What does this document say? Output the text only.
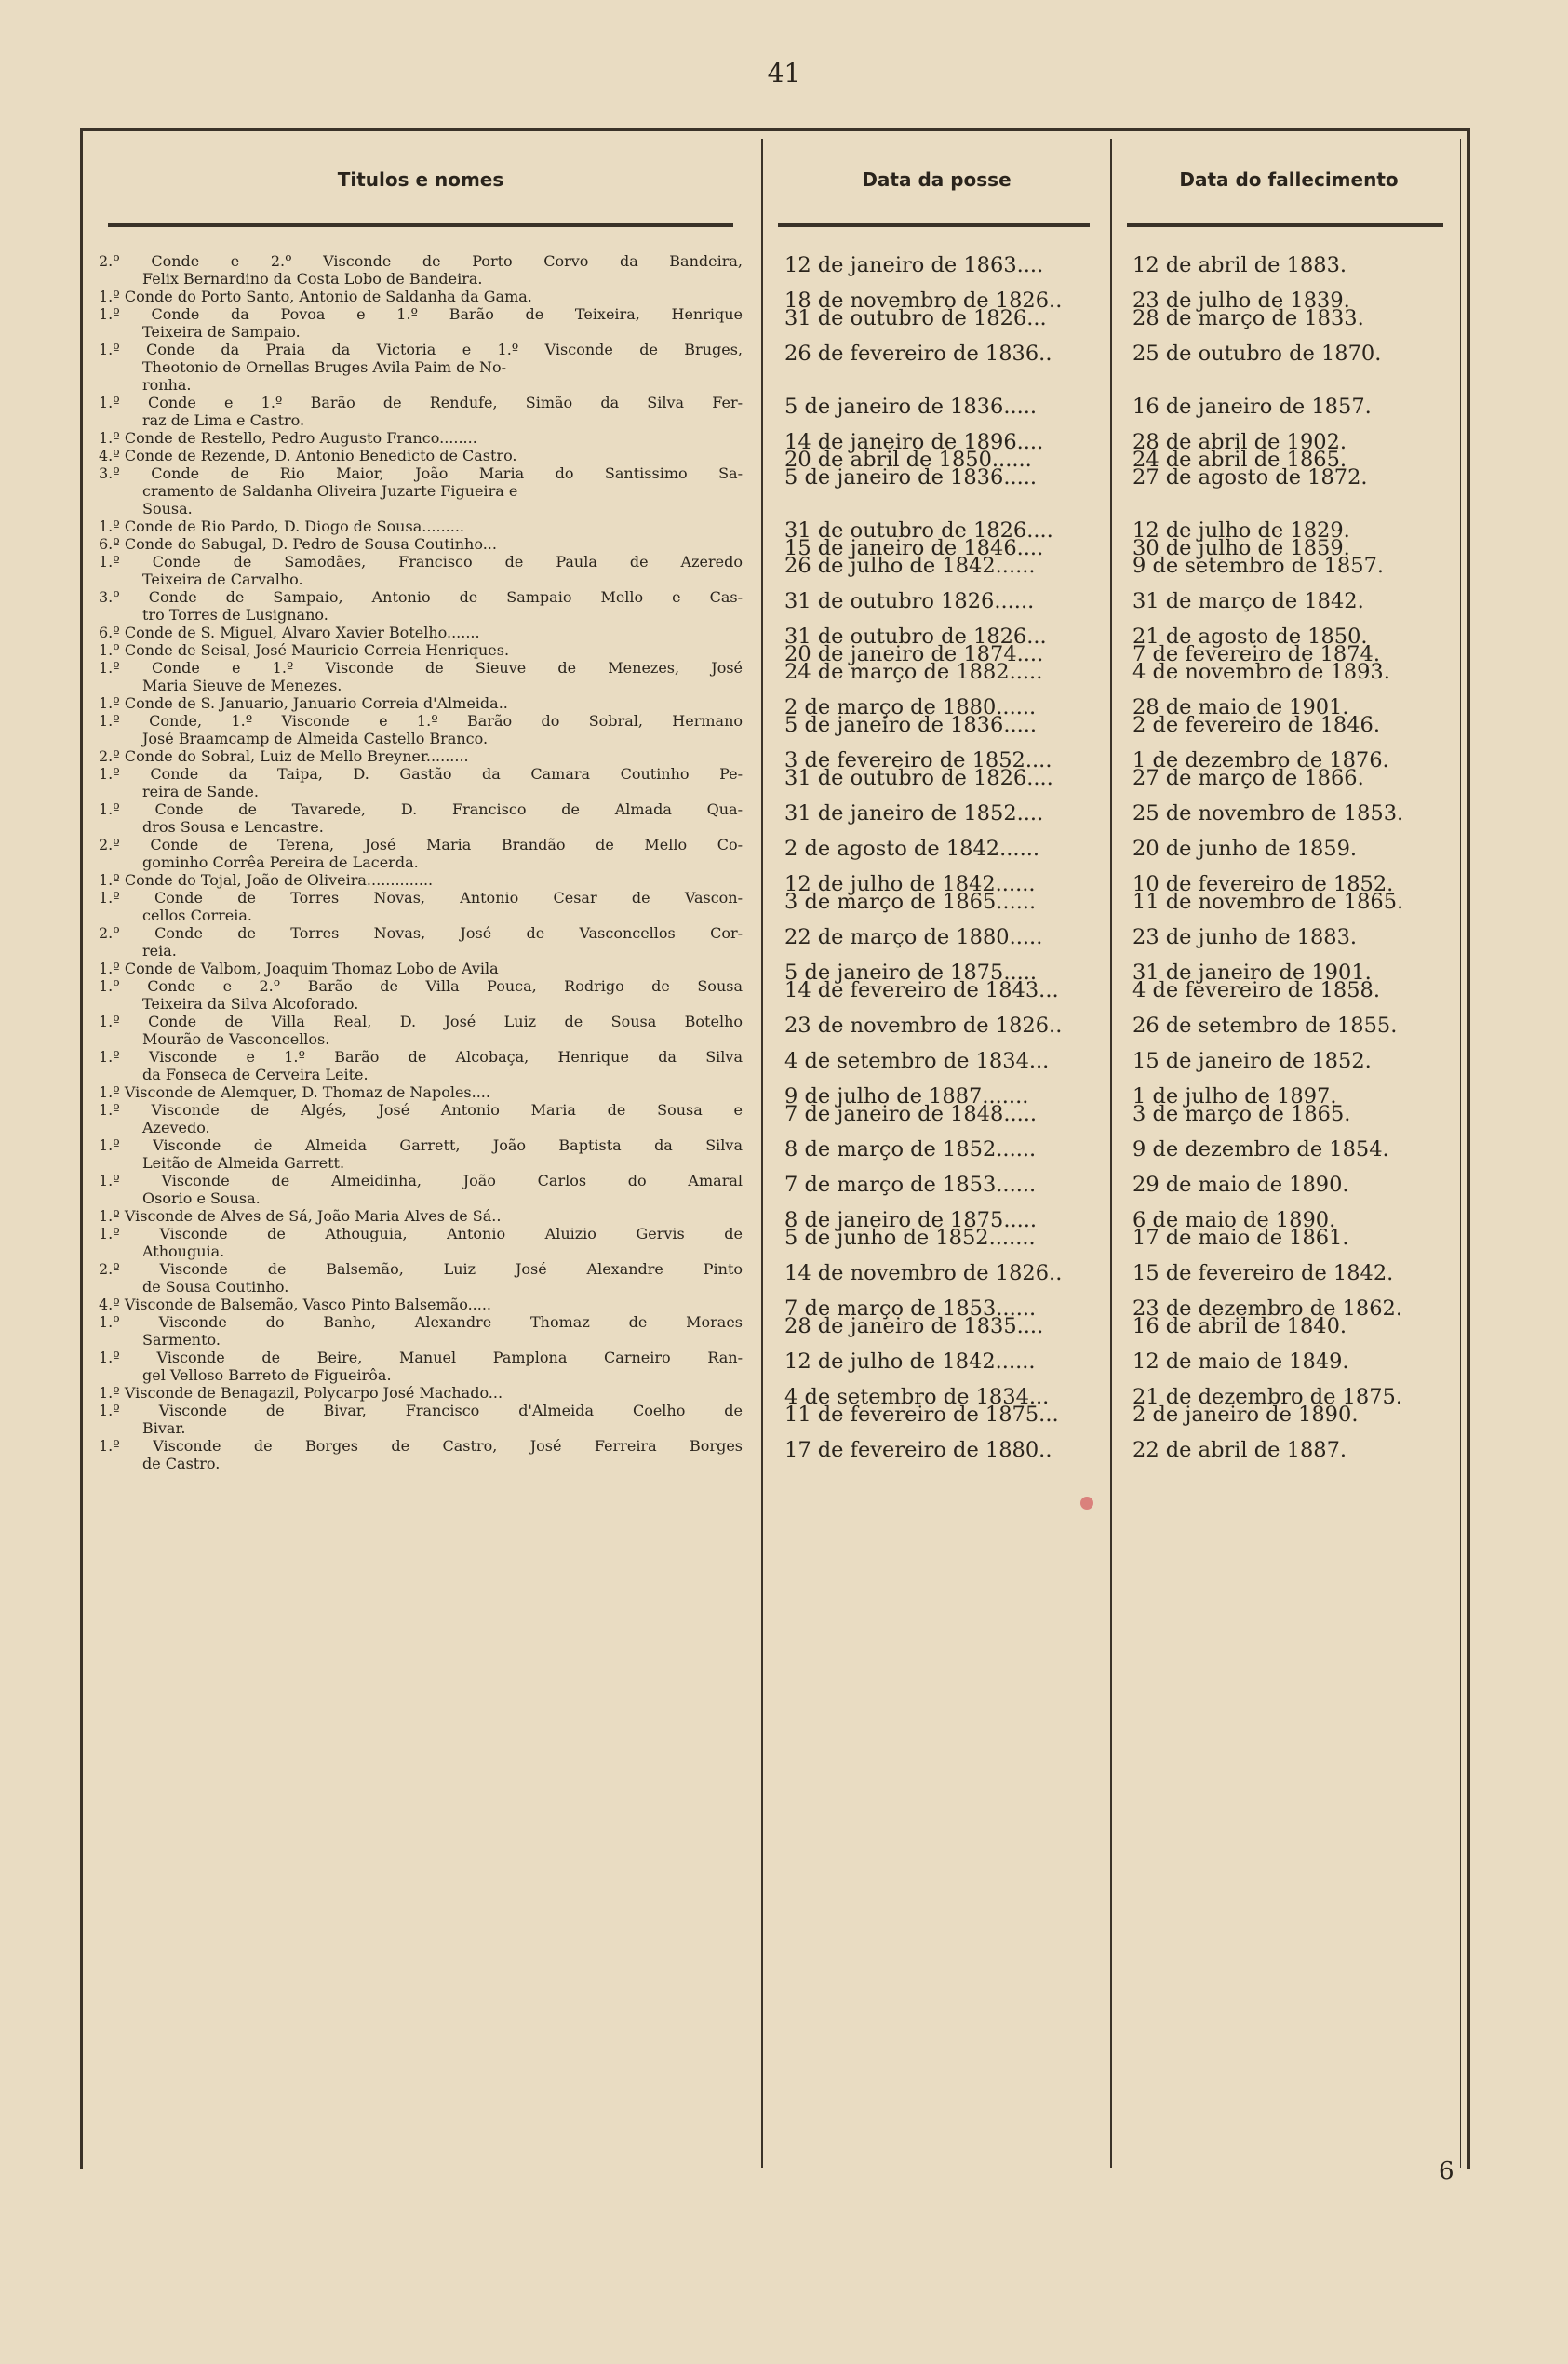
41
Titulos e nomes	Data da posse	Data do fallecimento
2.º Conde e 2.º Visconde de Porto Corvo da Bandeira,
Felix Bernardino da Costa Lobo de Bandeira.
12 de janeiro de 1863....	12 de abril de 1883.
1.º Conde do Porto Santo, Antonio de Saldanha da Gama.	18 de novembro de 1826..	23 de julho de 1839.
1.º Conde da Povoa e 1.º Barão de Teixeira, Henrique
Teixeira de Sampaio.
31 de outubro de 1826...	28 de março de 1833.
1.º Conde da Praia da Victoria e 1.º Visconde de Bruges,
Theotonio de Ornellas Bruges Avila Paim de No-
ronha.
26 de fevereiro de 1836..	25 de outubro de 1870.
1.º Conde e 1.º Barão de Rendufe, Simão da Silva Fer-
raz de Lima e Castro.
5 de janeiro de 1836.....	16 de janeiro de 1857.
1.º Conde de Restello, Pedro Augusto Franco........	14 de janeiro de 1896....	28 de abril de 1902.
4.º Conde de Rezende, D. Antonio Benedicto de Castro.	20 de abril de 1850......	24 de abril de 1865.
3.º Conde de Rio Maior, João Maria do Santissimo Sa-
cramento de Saldanha Oliveira Juzarte Figueira e
Sousa.
5 de janeiro de 1836.....	27 de agosto de 1872.
1.º Conde de Rio Pardo, D. Diogo de Sousa.........	31 de outubro de 1826....	12 de julho de 1829.
6.º Conde do Sabugal, D. Pedro de Sousa Coutinho...	15 de janeiro de 1846....	30 de julho de 1859.
1.º Conde de Samodães, Francisco de Paula de Azeredo
Teixeira de Carvalho.
26 de julho de 1842......	9 de setembro de 1857.
3.º Conde de Sampaio, Antonio de Sampaio Mello e Cas-
tro Torres de Lusignano.
31 de outubro 1826......	31 de março de 1842.
6.º Conde de S. Miguel, Alvaro Xavier Botelho.......	31 de outubro de 1826...	21 de agosto de 1850.
1.º Conde de Seisal, José Mauricio Correia Henriques.	20 de janeiro de 1874....	7 de fevereiro de 1874.
1.º Conde e 1.º Visconde de Sieuve de Menezes, José
Maria Sieuve de Menezes.
24 de março de 1882.....	4 de novembro de 1893.
1.º Conde de S. Januario, Januario Correia d'Almeida..	2 de março de 1880......	28 de maio de 1901.
1.º Conde, 1.º Visconde e 1.º Barão do Sobral, Hermano
José Braamcamp de Almeida Castello Branco.
5 de janeiro de 1836.....	2 de fevereiro de 1846.
2.º Conde do Sobral, Luiz de Mello Breyner.........	3 de fevereiro de 1852....	1 de dezembro de 1876.
1.º Conde da Taipa, D. Gastão da Camara Coutinho Pe-
reira de Sande.
31 de outubro de 1826....	27 de março de 1866.
1.º Conde de Tavarede, D. Francisco de Almada Qua-
dros Sousa e Lencastre.
31 de janeiro de 1852....	25 de novembro de 1853.
2.º Conde de Terena, José Maria Brandão de Mello Co-
gominho Corrêa Pereira de Lacerda.
2 de agosto de 1842......	20 de junho de 1859.
1.º Conde do Tojal, João de Oliveira..............	12 de julho de 1842......	10 de fevereiro de 1852.
1.º Conde de Torres Novas, Antonio Cesar de Vascon-
cellos Correia.
3 de março de 1865......	11 de novembro de 1865.
2.º Conde de Torres Novas, José de Vasconcellos Cor-
reia.
22 de março de 1880.....	23 de junho de 1883.
1.º Conde de Valbom, Joaquim Thomaz Lobo de Avila	5 de janeiro de 1875.....	31 de janeiro de 1901.
1.º Conde e 2.º Barão de Villa Pouca, Rodrigo de Sousa
Teixeira da Silva Alcoforado.
14 de fevereiro de 1843...	4 de fevereiro de 1858.
1.º Conde de Villa Real, D. José Luiz de Sousa Botelho
Mourão de Vasconcellos.
23 de novembro de 1826..	26 de setembro de 1855.
1.º Visconde e 1.º Barão de Alcobaça, Henrique da Silva
da Fonseca de Cerveira Leite.
4 de setembro de 1834...	15 de janeiro de 1852.
1.º Visconde de Alemquer, D. Thomaz de Napoles....	9 de julho de 1887.......	1 de julho de 1897.
1.º Visconde de Algés, José Antonio Maria de Sousa e
Azevedo.
7 de janeiro de 1848.....	3 de março de 1865.
1.º Visconde de Almeida Garrett, João Baptista da Silva
Leitão de Almeida Garrett.
8 de março de 1852......	9 de dezembro de 1854.
1.º Visconde de Almeidinha, João Carlos do Amaral
Osorio e Sousa.
7 de março de 1853......	29 de maio de 1890.
1.º Visconde de Alves de Sá, João Maria Alves de Sá..	8 de janeiro de 1875.....	6 de maio de 1890.
1.º Visconde de Athouguia, Antonio Aluizio Gervis de
Athouguia.
5 de junho de 1852.......	17 de maio de 1861.
2.º Visconde de Balsemão, Luiz José Alexandre Pinto
de Sousa Coutinho.
14 de novembro de 1826..	15 de fevereiro de 1842.
4.º Visconde de Balsemão, Vasco Pinto Balsemão.....	7 de março de 1853......	23 de dezembro de 1862.
1.º Visconde do Banho, Alexandre Thomaz de Moraes
Sarmento.
28 de janeiro de 1835....	16 de abril de 1840.
1.º Visconde de Beire, Manuel Pamplona Carneiro Ran-
gel Velloso Barreto de Figueirôa.
12 de julho de 1842......	12 de maio de 1849.
1.º Visconde de Benagazil, Polycarpo José Machado...	4 de setembro de 1834...	21 de dezembro de 1875.
1.º Visconde de Bivar, Francisco d'Almeida Coelho de
Bivar.
11 de fevereiro de 1875...	2 de janeiro de 1890.
1.º Visconde de Borges de Castro, José Ferreira Borges
de Castro.
17 de fevereiro de 1880..	22 de abril de 1887.
6
